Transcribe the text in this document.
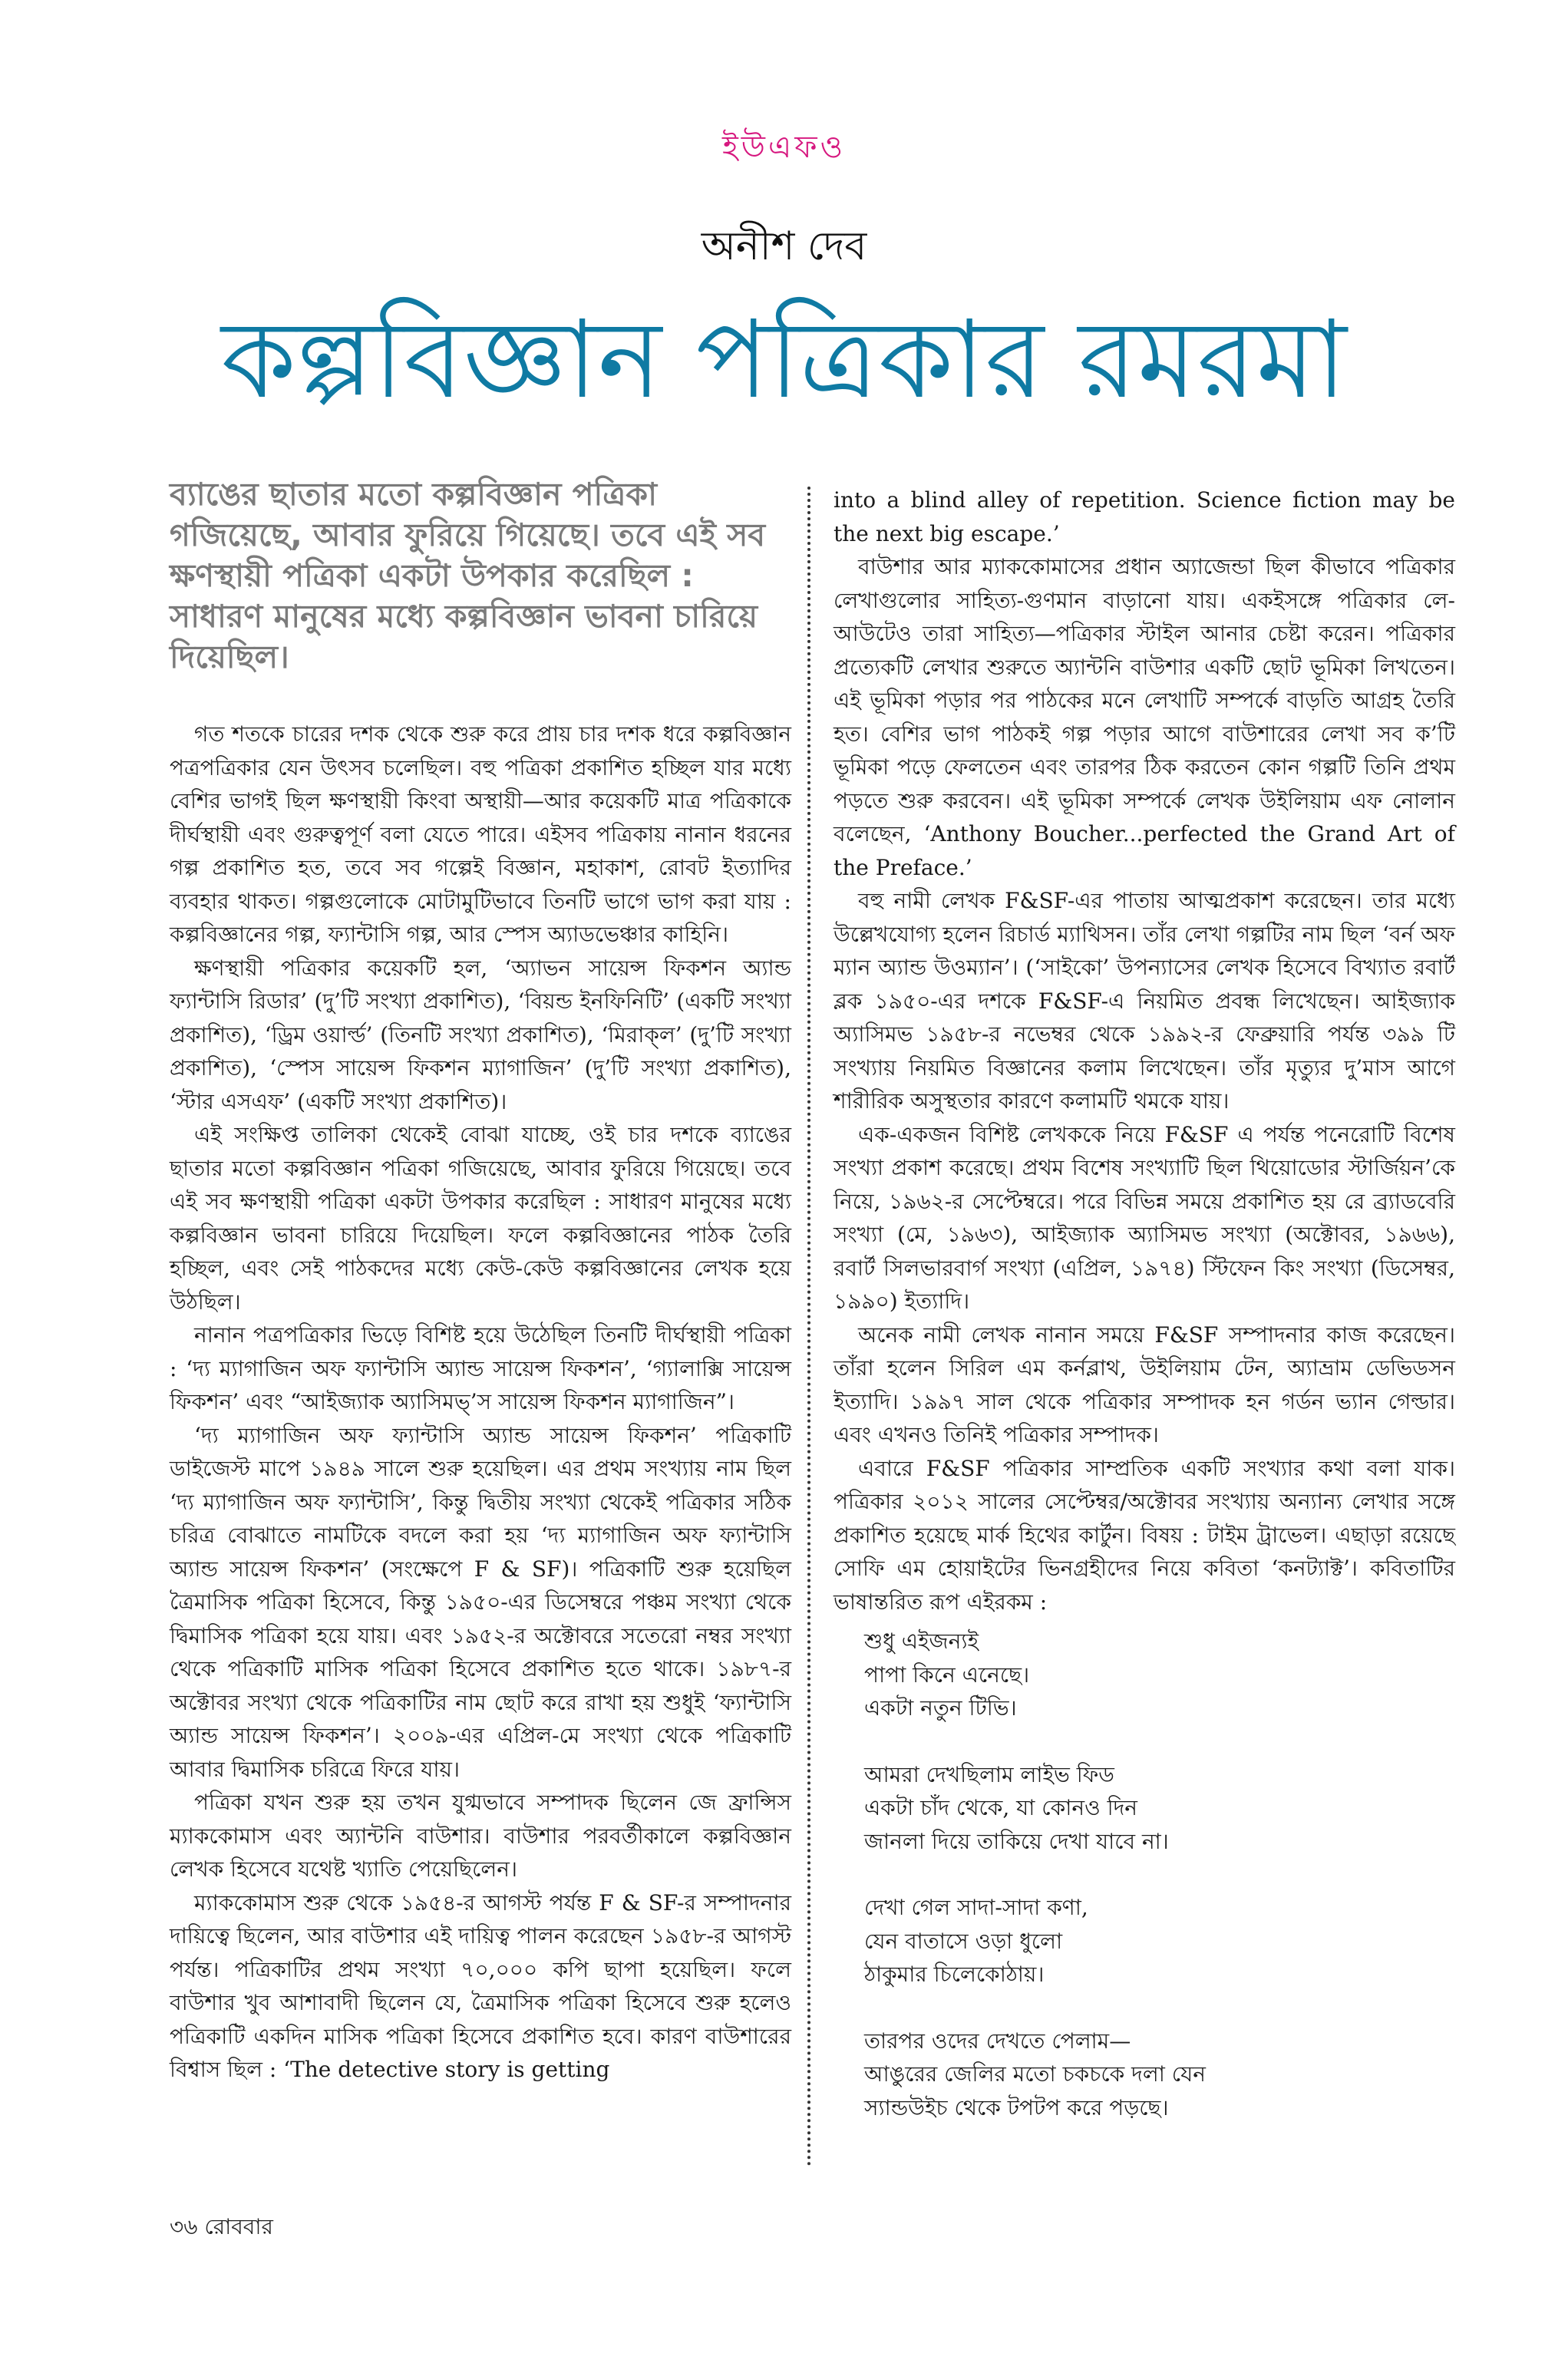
ইউএফও
অনীশ দেব
কল্পবিজ্ঞান পত্রিকার রমরমা
ব্যাঙের ছাতার মতো কল্পবিজ্ঞান পত্রিকা গজিয়েছে, আবার ফুরিয়ে গিয়েছে। তবে এই সব ক্ষণস্থায়ী পত্রিকা একটা উপকার করেছিল : সাধারণ মানুষের মধ্যে কল্পবিজ্ঞান ভাবনা চারিয়ে দিয়েছিল।

গত শতকে চারের দশক থেকে শুরু করে প্রায় চার দশক ধরে কল্পবিজ্ঞান পত্রপত্রিকার যেন উৎসব চলেছিল। বহু পত্রিকা প্রকাশিত হচ্ছিল যার মধ্যে বেশির ভাগই ছিল ক্ষণস্থায়ী কিংবা অস্থায়ী—আর কয়েকটি মাত্র পত্রিকাকে দীর্ঘস্থায়ী এবং গুরুত্বপূর্ণ বলা যেতে পারে। এইসব পত্রিকায় নানান ধরনের গল্প প্রকাশিত হত, তবে সব গল্পেই বিজ্ঞান, মহাকাশ, রোবট ইত্যাদির ব্যবহার থাকত। গল্পগুলোকে মোটামুটিভাবে তিনটি ভাগে ভাগ করা যায় : কল্পবিজ্ঞানের গল্প, ফ্যান্টাসি গল্প, আর স্পেস অ্যাডভেঞ্চার কাহিনি।

ক্ষণস্থায়ী পত্রিকার কয়েকটি হল, ‘অ্যাভন সায়েন্স ফিকশন অ্যান্ড ফ্যান্টাসি রিডার’ (দু’টি সংখ্যা প্রকাশিত), ‘বিয়ন্ড ইনফিনিটি’ (একটি সংখ্যা প্রকাশিত), ‘ড্রিম ওয়ার্ল্ড’ (তিনটি সংখ্যা প্রকাশিত), ‘মিরাক্‌ল’ (দু’টি সংখ্যা প্রকাশিত), ‘স্পেস সায়েন্স ফিকশন ম্যাগাজিন’ (দু’টি সংখ্যা প্রকাশিত), ‘স্টার এসএফ’ (একটি সংখ্যা প্রকাশিত)।

এই সংক্ষিপ্ত তালিকা থেকেই বোঝা যাচ্ছে, ওই চার দশকে ব্যাঙের ছাতার মতো কল্পবিজ্ঞান পত্রিকা গজিয়েছে, আবার ফুরিয়ে গিয়েছে। তবে এই সব ক্ষণস্থায়ী পত্রিকা একটা উপকার করেছিল : সাধারণ মানুষের মধ্যে কল্পবিজ্ঞান ভাবনা চারিয়ে দিয়েছিল। ফলে কল্পবিজ্ঞানের পাঠক তৈরি হচ্ছিল, এবং সেই পাঠকদের মধ্যে কেউ-কেউ কল্পবিজ্ঞানের লেখক হয়ে উঠছিল।

নানান পত্রপত্রিকার ভিড়ে বিশিষ্ট হয়ে উঠেছিল তিনটি দীর্ঘস্থায়ী পত্রিকা : ‘দ্য ম্যাগাজিন অফ ফ্যান্টাসি অ্যান্ড সায়েন্স ফিকশন’, ‘গ্যালাক্সি সায়েন্স ফিকশন’ এবং “আইজ্যাক অ্যাসিমভ্‌’স সায়েন্স ফিকশন ম্যাগাজিন”।

‘দ্য ম্যাগাজিন অফ ফ্যান্টাসি অ্যান্ড সায়েন্স ফিকশন’ পত্রিকাটি ডাইজেস্ট মাপে ১৯৪৯ সালে শুরু হয়েছিল। এর প্রথম সংখ্যায় নাম ছিল ‘দ্য ম্যাগাজিন অফ ফ্যান্টাসি’, কিন্তু দ্বিতীয় সংখ্যা থেকেই পত্রিকার সঠিক চরিত্র বোঝাতে নামটিকে বদলে করা হয় ‘দ্য ম্যাগাজিন অফ ফ্যান্টাসি অ্যান্ড সায়েন্স ফিকশন’ (সংক্ষেপে F & SF)। পত্রিকাটি শুরু হয়েছিল ত্রৈমাসিক পত্রিকা হিসেবে, কিন্তু ১৯৫০-এর ডিসেম্বরে পঞ্চম সংখ্যা থেকে দ্বিমাসিক পত্রিকা হয়ে যায়। এবং ১৯৫২-র অক্টোবরে সতেরো নম্বর সংখ্যা থেকে পত্রিকাটি মাসিক পত্রিকা হিসেবে প্রকাশিত হতে থাকে। ১৯৮৭-র অক্টোবর সংখ্যা থেকে পত্রিকাটির নাম ছোট করে রাখা হয় শুধুই ‘ফ্যান্টাসি অ্যান্ড সায়েন্স ফিকশন’। ২০০৯-এর এপ্রিল-মে সংখ্যা থেকে পত্রিকাটি আবার দ্বিমাসিক চরিত্রে ফিরে যায়।

পত্রিকা যখন শুরু হয় তখন যুগ্মভাবে সম্পাদক ছিলেন জে ফ্রান্সিস ম্যাককোমাস এবং অ্যান্টনি বাউশার। বাউশার পরবর্তীকালে কল্পবিজ্ঞান লেখক হিসেবে যথেষ্ট খ্যাতি পেয়েছিলেন।

ম্যাককোমাস শুরু থেকে ১৯৫৪-র আগস্ট পর্যন্ত F & SF-র সম্পাদনার দায়িত্বে ছিলেন, আর বাউশার এই দায়িত্ব পালন করেছেন ১৯৫৮-র আগস্ট পর্যন্ত। পত্রিকাটির প্রথম সংখ্যা ৭০,০০০ কপি ছাপা হয়েছিল। ফলে বাউশার খুব আশাবাদী ছিলেন যে, ত্রৈমাসিক পত্রিকা হিসেবে শুরু হলেও পত্রিকাটি একদিন মাসিক পত্রিকা হিসেবে প্রকাশিত হবে। কারণ বাউশারের বিশ্বাস ছিল : ‘The detective story is getting

into a blind alley of repetition. Science fiction may be the next big escape.’

বাউশার আর ম্যাককোমাসের প্রধান অ্যাজেন্ডা ছিল কীভাবে পত্রিকার লেখাগুলোর সাহিত্য-গুণমান বাড়ানো যায়। একইসঙ্গে পত্রিকার লে-আউটেও তারা সাহিত্য—পত্রিকার স্টাইল আনার চেষ্টা করেন। পত্রিকার প্রত্যেকটি লেখার শুরুতে অ্যান্টনি বাউশার একটি ছোট ভূমিকা লিখতেন। এই ভূমিকা পড়ার পর পাঠকের মনে লেখাটি সম্পর্কে বাড়তি আগ্রহ তৈরি হত। বেশির ভাগ পাঠকই গল্প পড়ার আগে বাউশারের লেখা সব ক’টি ভূমিকা পড়ে ফেলতেন এবং তারপর ঠিক করতেন কোন গল্পটি তিনি প্রথম পড়তে শুরু করবেন। এই ভূমিকা সম্পর্কে লেখক উইলিয়াম এফ নোলান বলেছেন, ‘Anthony Boucher...perfected the Grand Art of the Preface.’

বহু নামী লেখক F&SF-এর পাতায় আত্মপ্রকাশ করেছেন। তার মধ্যে উল্লেখযোগ্য হলেন রিচার্ড ম্যাথিসন। তাঁর লেখা গল্পটির নাম ছিল ‘বর্ন অফ ম্যান অ্যান্ড উওম্যান’। (‘সাইকো’ উপন্যাসের লেখক হিসেবে বিখ্যাত রবার্ট ব্লক ১৯৫০-এর দশকে F&SF-এ নিয়মিত প্রবন্ধ লিখেছেন। আইজ্যাক অ্যাসিমভ ১৯৫৮-র নভেম্বর থেকে ১৯৯২-র ফেব্রুয়ারি পর্যন্ত ৩৯৯ টি সংখ্যায় নিয়মিত বিজ্ঞানের কলাম লিখেছেন। তাঁর মৃত্যুর দু’মাস আগে শারীরিক অসুস্থতার কারণে কলামটি থমকে যায়।

এক-একজন বিশিষ্ট লেখককে নিয়ে F&SF এ পর্যন্ত পনেরোটি বিশেষ সংখ্যা প্রকাশ করেছে। প্রথম বিশেষ সংখ্যাটি ছিল থিয়োডোর স্টার্জিয়ন’কে নিয়ে, ১৯৬২-র সেপ্টেম্বরে। পরে বিভিন্ন সময়ে প্রকাশিত হয় রে ব্র্যাডবেরি সংখ্যা (মে, ১৯৬৩), আইজ্যাক অ্যাসিমভ সংখ্যা (অক্টোবর, ১৯৬৬), রবার্ট সিলভারবার্গ সংখ্যা (এপ্রিল, ১৯৭৪) স্টিফেন কিং সংখ্যা (ডিসেম্বর, ১৯৯০) ইত্যাদি।

অনেক নামী লেখক নানান সময়ে F&SF সম্পাদনার কাজ করেছেন। তাঁরা হলেন সিরিল এম কর্নব্লাথ, উইলিয়াম টেন, অ্যাভ্রাম ডেভিডসন ইত্যাদি। ১৯৯৭ সাল থেকে পত্রিকার সম্পাদক হন গর্ডন ভ্যান গেল্ডার। এবং এখনও তিনিই পত্রিকার সম্পাদক।

এবারে F&SF পত্রিকার সাম্প্রতিক একটি সংখ্যার কথা বলা যাক। পত্রিকার ২০১২ সালের সেপ্টেম্বর/অক্টোবর সংখ্যায় অন্যান্য লেখার সঙ্গে প্রকাশিত হয়েছে মার্ক হিথের কার্টুন। বিষয় : টাইম ট্রাভেল। এছাড়া রয়েছে সোফি এম হোয়াইটের ভিনগ্রহীদের নিয়ে কবিতা ‘কনট্যাক্ট’। কবিতাটির ভাষান্তরিত রূপ এইরকম :

শুধু এইজন্যই
পাপা কিনে এনেছে।
একটা নতুন টিভি।
আমরা দেখছিলাম লাইভ ফিড
একটা চাঁদ থেকে, যা কোনও দিন
জানলা দিয়ে তাকিয়ে দেখা যাবে না।
দেখা গেল সাদা-সাদা কণা,
যেন বাতাসে ওড়া ধুলো
ঠাকুমার চিলেকোঠায়।
তারপর ওদের দেখতে পেলাম—
আঙুরের জেলির মতো চকচকে দলা যেন
স্যান্ডউইচ থেকে টপটপ করে পড়ছে।
৩৬ রোববার
